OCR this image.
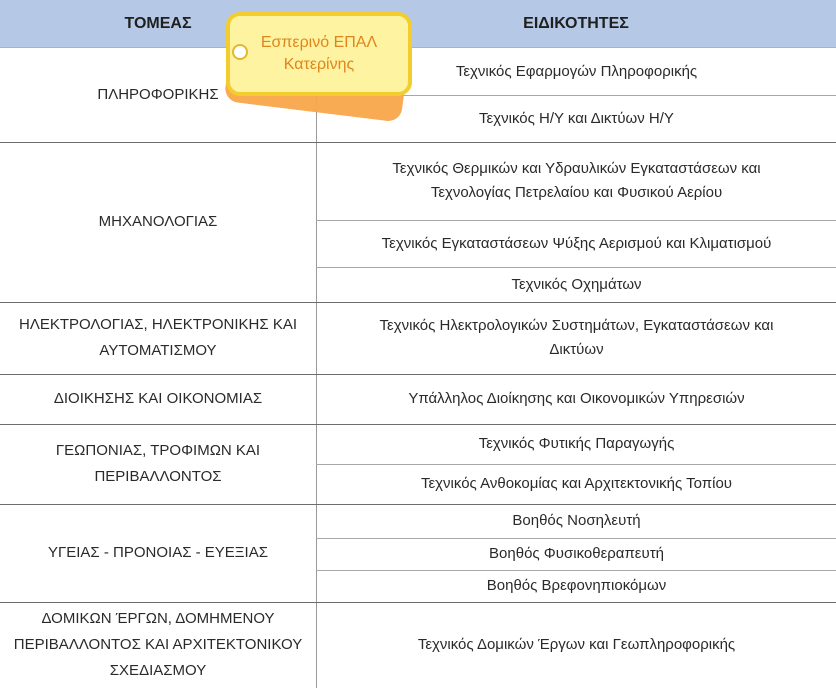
ΤΟΜΕΑΣ	ΕΙΔΙΚΟΤΗΤΕΣ
ΠΛΗΡΟΦΟΡΙΚΗΣ
Τεχνικός Εφαρμογών Πληροφορικής
Τεχνικός Η/Υ και Δικτύων Η/Υ
ΜΗΧΑΝΟΛΟΓΙΑΣ
Τεχνικός Θερμικών και Υδραυλικών Εγκαταστάσεων και
Τεχνολογίας Πετρελαίου και Φυσικού Αερίου
Τεχνικός Εγκαταστάσεων Ψύξης Αερισμού και Κλιματισμού
Τεχνικός Οχημάτων
ΗΛΕΚΤΡΟΛΟΓΙΑΣ, ΗΛΕΚΤΡΟΝΙΚΗΣ ΚΑΙ
ΑΥΤΟΜΑΤΙΣΜΟΥ
Τεχνικός Ηλεκτρολογικών Συστημάτων, Εγκαταστάσεων και
Δικτύων
ΔΙΟΙΚΗΣΗΣ ΚΑΙ ΟΙΚΟΝΟΜΙΑΣ	Υπάλληλος Διοίκησης και Οικονομικών Υπηρεσιών
ΓΕΩΠΟΝΙΑΣ, ΤΡΟΦΙΜΩΝ ΚΑΙ
ΠΕΡΙΒΑΛΛΟΝΤΟΣ
Τεχνικός Φυτικής Παραγωγής
Τεχνικός Ανθοκομίας και Αρχιτεκτονικής Τοπίου
ΥΓΕΙΑΣ - ΠΡΟΝΟΙΑΣ - ΕΥΕΞΙΑΣ
Βοηθός Νοσηλευτή
Βοηθός Φυσικοθεραπευτή
Βοηθός Βρεφονηπιοκόμων
ΔΟΜΙΚΩΝ ΈΡΓΩΝ, ΔΟΜΗΜΕΝΟΥ
ΠΕΡΙΒΑΛΛΟΝΤΟΣ ΚΑΙ ΑΡΧΙΤΕΚΤΟΝΙΚΟΥ
ΣΧΕΔΙΑΣΜΟΥ
Τεχνικός Δομικών Έργων και Γεωπληροφορικής
Εσπερινό ΕΠΑΛ
Κατερίνης
